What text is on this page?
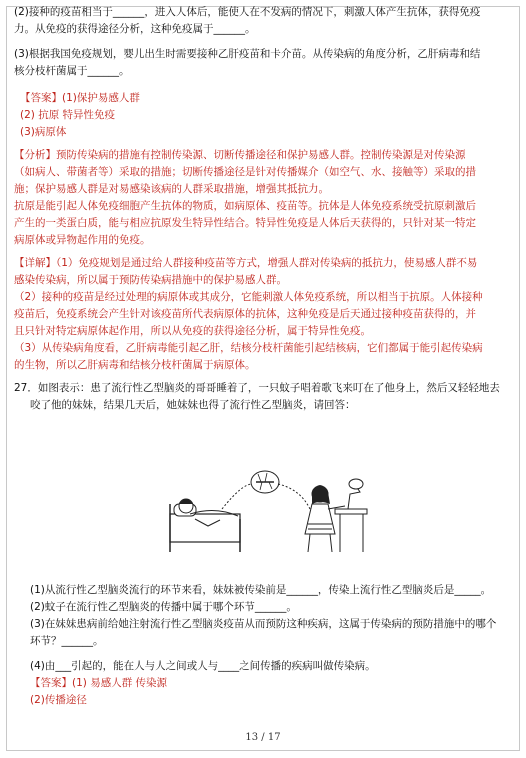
(2)接种的疫苗相当于______，进入人体后，能使人在不发病的情况下，刺激人体产生抗体，获得免疫
力。从免疫的获得途径分析，这种免疫属于______。
(3)根据我国免疫规划，婴儿出生时需要接种乙肝疫苗和卡介苗。从传染病的角度分析，乙肝病毒和结
核分枝杆菌属于______。
【答案】(1)保护易感人群
(2) 抗原 特异性免疫
(3)病原体
【分析】预防传染病的措施有控制传染源、切断传播途径和保护易感人群。控制传染源是对传染源
（如病人、带菌者等）采取的措施；切断传播途径是针对传播媒介（如空气、水、接触等）采取的措
施；保护易感人群是对易感染该病的人群采取措施，增强其抵抗力。
抗原是能引起人体免疫细胞产生抗体的物质，如病原体、疫苗等。抗体是人体免疫系统受抗原刺激后
产生的一类蛋白质，能与相应抗原发生特异性结合。特异性免疫是人体后天获得的，只针对某一特定
病原体或异物起作用的免疫。
【详解】（1）免疫规划是通过给人群接种疫苗等方式，增强人群对传染病的抵抗力，使易感人群不易
感染传染病，所以属于预防传染病措施中的保护易感人群。
（2）接种的疫苗是经过处理的病原体或其成分，它能刺激人体免疫系统，所以相当于抗原。人体接种
疫苗后，免疫系统会产生针对该疫苗所代表病原体的抗体，这种免疫是后天通过接种疫苗获得的，并
且只针对特定病原体起作用，所以从免疫的获得途径分析，属于特异性免疫。
（3）从传染病角度看，乙肝病毒能引起乙肝，结核分枝杆菌能引起结核病，它们都属于能引起传染病
的生物，所以乙肝病毒和结核分枝杆菌属于病原体。
27．如图表示：患了流行性乙型脑炎的哥哥睡着了，一只蚊子唱着歌飞来叮在了他身上，然后又轻轻地去
咬了他的妹妹，结果几天后，她妹妹也得了流行性乙型脑炎，请回答：
(1)从流行性乙型脑炎流行的环节来看，妹妹被传染前是______，传染上流行性乙型脑炎后是_____。
(2)蚊子在流行性乙型脑炎的传播中属于哪个环节______。
(3)在妹妹患病前给她注射流行性乙型脑炎疫苗从而预防这种疾病，这属于传染病的预防措施中的哪个
环节？______。
(4)由___引起的，能在人与人之间或人与____之间传播的疾病叫做传染病。
【答案】(1) 易感人群 传染源
(2)传播途径
13 / 17
